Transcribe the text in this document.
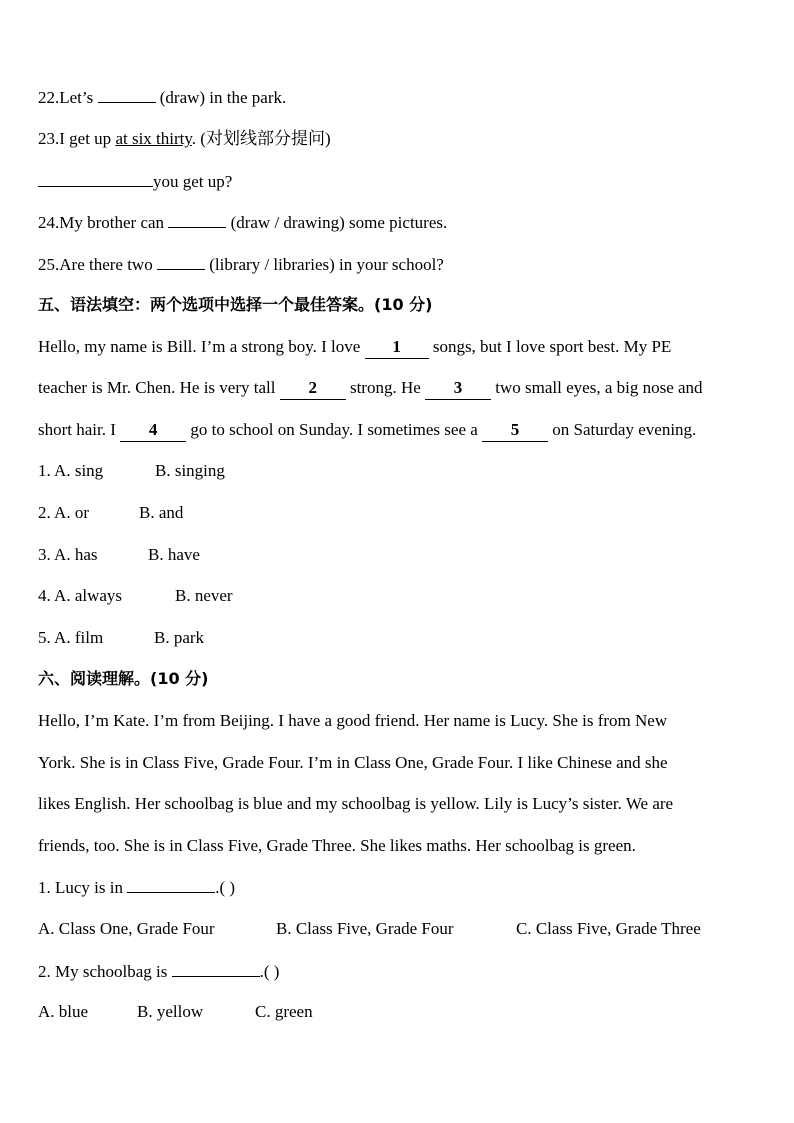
22.Let’s	(draw) in the park.
23.I get up at six thirty. (对划线部分提问)
you get up?
24.My brother can	(draw / drawing) some pictures.
25.Are there two	(library / libraries) in your school?
五、语法填空：两个选项中选择一个最佳答案。(10 分)
Hello, my name is Bill. I’m a strong boy. I love 1 songs, but I love sport best. My PE
teacher is Mr. Chen. He is very tall 2 strong. He 3 two small eyes, a big nose and
short hair. I 4 go to school on Sunday. I sometimes see a 5 on Saturday evening.
1. A. sing	B. singing
2. A. or	B. and
3. A. has	B. have
4. A. always	B. never
5. A. film	B. park
六、阅读理解。(10 分)
Hello, I’m Kate. I’m from Beijing. I have a good friend. Her name is Lucy. She is from New
York. She is in Class Five, Grade Four. I’m in Class One, Grade Four. I like Chinese and she
likes English. Her schoolbag is blue and my schoolbag is yellow. Lily is Lucy’s sister. We are
friends, too. She is in Class Five, Grade Three. She likes maths. Her schoolbag is green.
1. Lucy is in	.( )
A. Class One, Grade Four	B. Class Five, Grade Four	C. Class Five, Grade Three
2. My schoolbag is	.( )
A. blue	B. yellow	C. green
